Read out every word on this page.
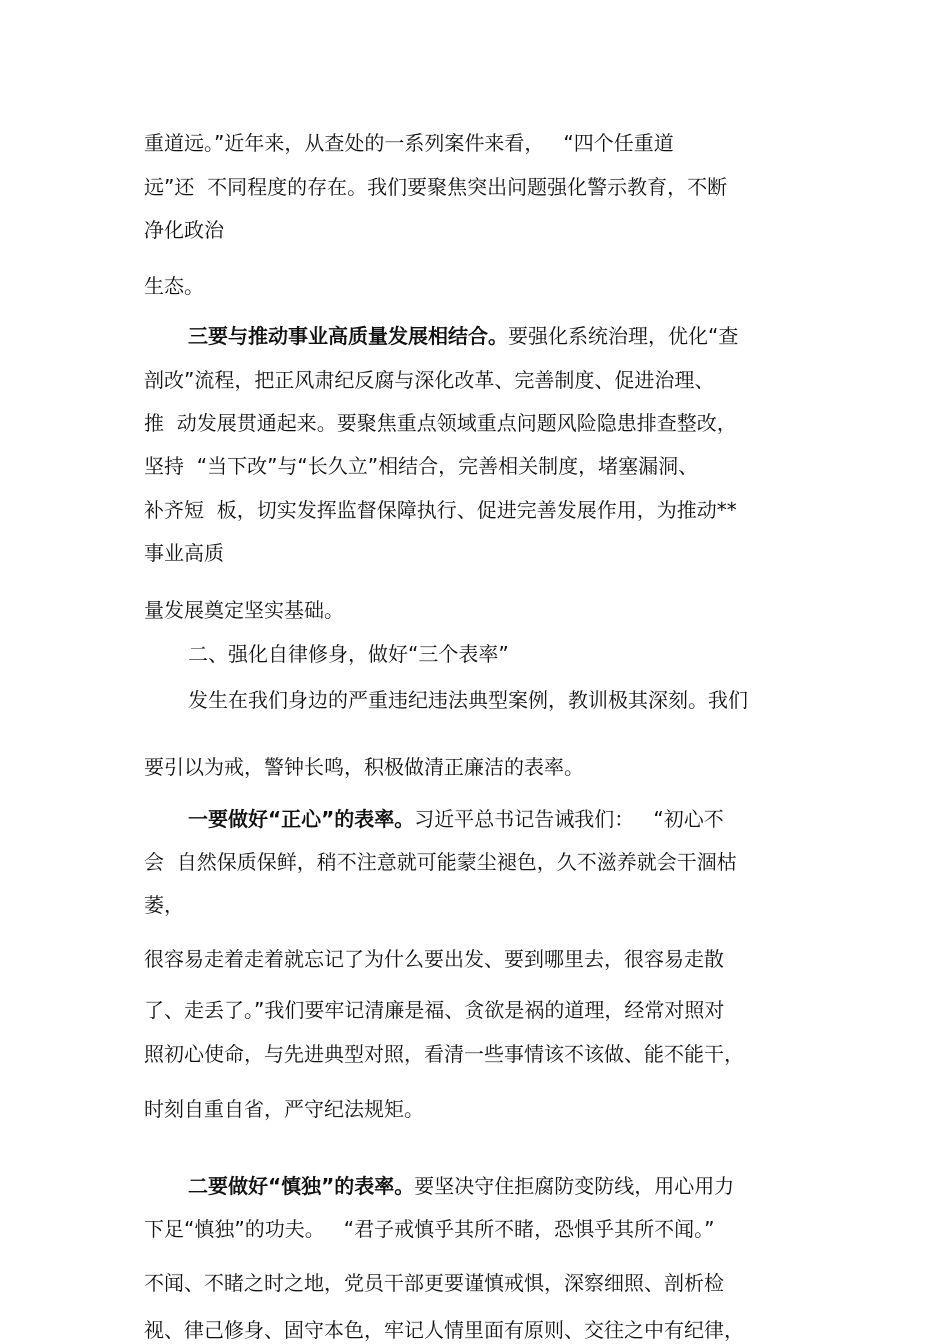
重道远。”近年来，从查处的一系列案件来看，   “四个任重道

远”还  不同程度的存在。我们要聚焦突出问题强化警示教育，不断

净化政治

生态。

三要与推动事业高质量发展相结合。要强化系统治理，优化“查

剖改”流程，把正风肃纪反腐与深化改革、完善制度、促进治理、

推  动发展贯通起来。要聚焦重点领域重点问题风险隐患排查整改，

坚持  “当下改”与“长久立”相结合，完善相关制度，堵塞漏洞、

补齐短  板，切实发挥监督保障执行、促进完善发展作用，为推动**

事业高质

量发展奠定坚实基础。

二、强化自律修身，做好“三个表率”

发生在我们身边的严重违纪违法典型案例，教训极其深刻。我们

要引以为戒，警钟长鸣，积极做清正廉洁的表率。

一要做好“正心”的表率。习近平总书记告诫我们：   “初心不

会  自然保质保鲜，稍不注意就可能蒙尘褪色，久不滋养就会干涸枯

萎，

很容易走着走着就忘记了为什么要出发、要到哪里去，很容易走散

了、走丢了。”我们要牢记清廉是福、贪欲是祸的道理，经常对照对

照初心使命，与先进典型对照，看清一些事情该不该做、能不能干，

时刻自重自省，严守纪法规矩。

二要做好“慎独”的表率。要坚决守住拒腐防变防线，用心用力

下足“慎独”的功夫。   “君子戒慎乎其所不睹，恐惧乎其所不闻。”

不闻、不睹之时之地，党员干部更要谨慎戒惧，深察细照、剖析检

视、律己修身、固守本色，牢记人情里面有原则、交往之中有纪律，
